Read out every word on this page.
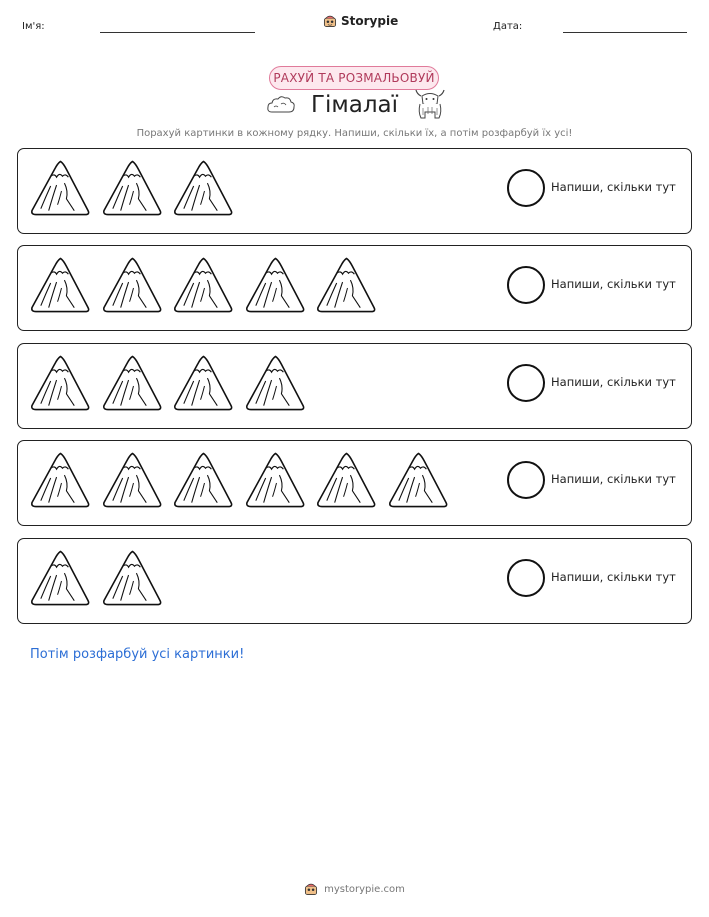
Ім'я:	Storypie	Дата:
РАХУЙ ТА РОЗМАЛЬОВУЙ
Гімалаї
Порахуй картинки в кожному рядку. Напиши, скільки їх, а потім розфарбуй їх усі!
Напиши, скільки тут
Напиши, скільки тут
Напиши, скільки тут
Напиши, скільки тут
Напиши, скільки тут
Потім розфарбуй усі картинки!
mystorypie.com
